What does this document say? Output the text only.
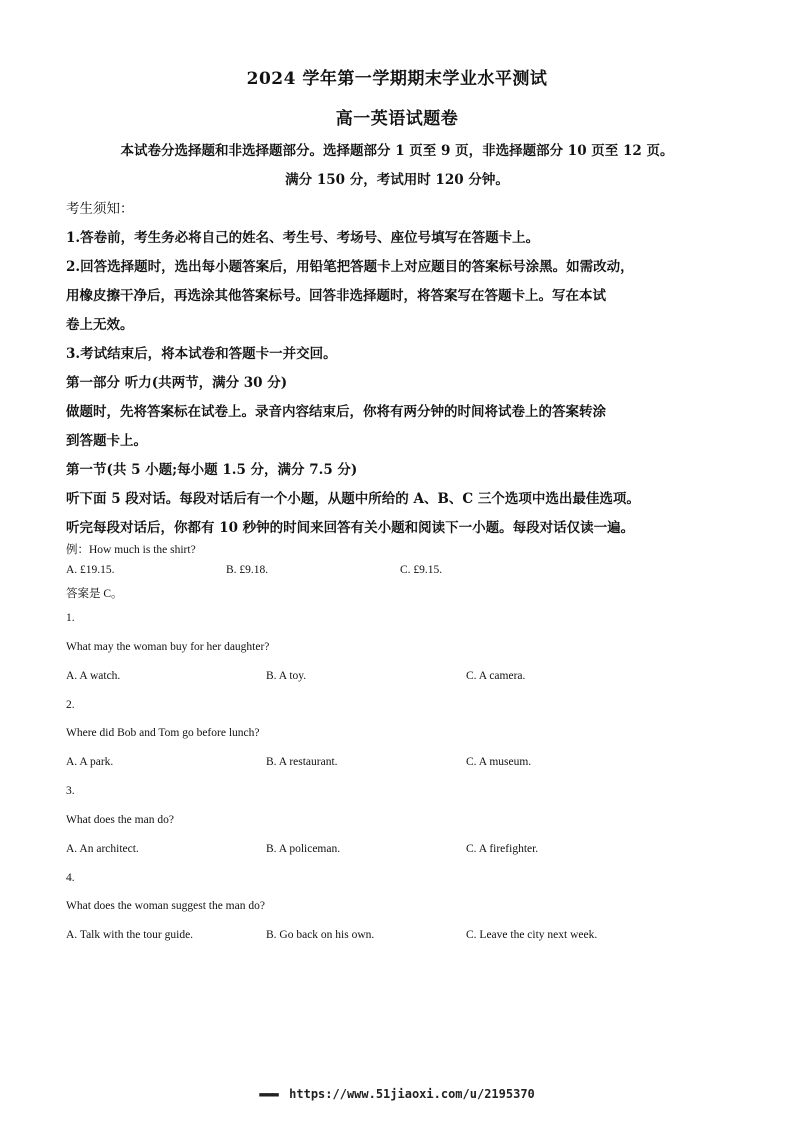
2024 学年第一学期期末学业水平测试
高一英语试题卷
本试卷分选择题和非选择题部分。选择题部分 1 页至 9 页，非选择题部分 10 页至 12 页。
满分 150 分，考试用时 120 分钟。
考生须知：
1.答卷前，考生务必将自己的姓名、考生号、考场号、座位号填写在答题卡上。
2.回答选择题时，选出每小题答案后，用铅笔把答题卡上对应题目的答案标号涂黑。如需改动，
用橡皮擦干净后，再选涂其他答案标号。回答非选择题时，将答案写在答题卡上。写在本试
卷上无效。
3.考试结束后，将本试卷和答题卡一并交回。
第一部分 听力(共两节，满分 30 分)
做题时，先将答案标在试卷上。录音内容结束后，你将有两分钟的时间将试卷上的答案转涂
到答题卡上。
第一节(共 5 小题;每小题 1.5 分，满分 7.5 分)
听下面 5 段对话。每段对话后有一个小题，从题中所给的 A、B、C 三个选项中选出最佳选项。
听完每段对话后，你都有 10 秒钟的时间来回答有关小题和阅读下一小题。每段对话仅读一遍。
例：How much is the shirt?
A. £19.15.	B. £9.18.	C. £9.15.
答案是 C。
1.
What may the woman buy for her daughter?
A. A watch.	B. A toy.	C. A camera.
2.
Where did Bob and Tom go before lunch?
A. A park.	B. A restaurant.	C. A museum.
3.
What does the man do?
A. An architect.	B. A policeman.	C. A firefighter.
4.
What does the woman suggest the man do?
A. Talk with the tour guide.	B. Go back on his own.	C. Leave the city next week.
▬▬▬ https://www.51jiaoxi.com/u/2195370
